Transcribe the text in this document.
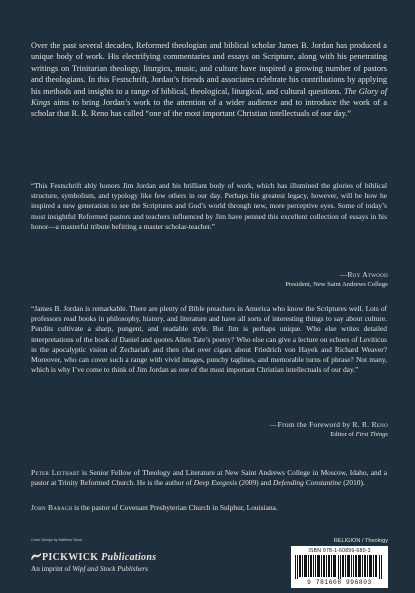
Over the past several decades, Reformed theologian and biblical scholar James B. Jordan has produced a unique body of work. His electrifying commentaries and essays on Scripture, along with his penetrating writings on Trinitarian theology, liturgics, music, and culture have inspired a growing number of pastors and theologians. In this Festschrift, Jordan’s friends and associates celebrate his contributions by applying his methods and insights to a range of biblical, theological, liturgical, and cultural questions. The Glory of Kings aims to bring Jordan’s work to the attention of a wider audience and to introduce the work of a scholar that R. R. Reno has called “one of the most important Christian intellectuals of our day.”

“This Festschrift ably honors Jim Jordan and his brilliant body of work, which has illumined the glories of biblical structure, symbolism, and typology like few others in our day. Perhaps his greatest legacy, however, will be how he inspired a new generation to see the Scriptures and God’s world through new, more perceptive eyes. Some of today’s most insightful Reformed pastors and teachers influenced by Jim have penned this excellent collection of essays in his honor—a masterful tribute befitting a master scholar-teacher.”

—Roy Atwood
President, New Saint Andrews College

“James B. Jordan is remarkable. There are plenty of Bible preachers in America who know the Scriptures well. Lots of professors read books in philosophy, history, and literature and have all sorts of interesting things to say about culture. Pundits cultivate a sharp, pungent, and readable style. But Jim is perhaps unique. Who else writes detailed interpretations of the book of Daniel and quotes Allen Tate’s poetry? Who else can give a lecture on echoes of Leviticus in the apocalyptic vision of Zechariah and then chat over cigars about Friedrich von Hayek and Richard Weaver? Moreover, who can cover such a range with vivid images, punchy taglines, and memorable turns of phrase? Not many, which is why I’ve come to think of Jim Jordan as one of the most important Christian intellectuals of our day.”

—From the Foreword by R. R. Reno
Editor of First Things

Peter Leithart is Senior Fellow of Theology and Literature at New Saint Andrews College in Moscow, Idaho, and a pastor at Trinity Reformed Church. He is the author of Deep Exegesis (2009) and Defending Constantine (2010).

John Barach is the pastor of Covenant Presbyterian Church in Sulphur, Louisiana.

Cover Design by Matthew Stock
PICKWICK Publications
An imprint of Wipf and Stock Publishers
RELIGION / Theology
ISBN 978-1-60899-680-3
9 781608 996803
